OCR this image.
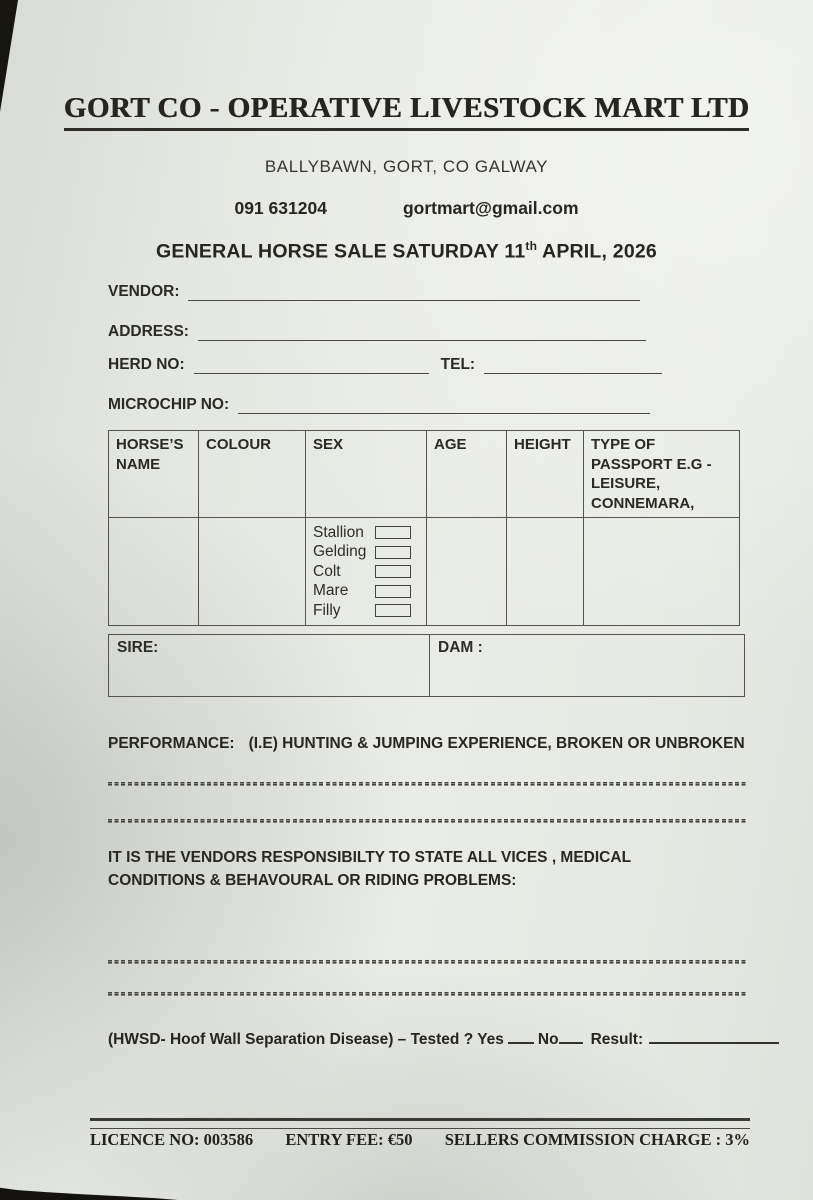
GORT CO - OPERATIVE LIVESTOCK MART LTD
BALLYBAWN, GORT, CO GALWAY
091 631204	gortmart@gmail.com
GENERAL HORSE SALE SATURDAY 11th APRIL, 2026
VENDOR:
ADDRESS:
HERD NO:	TEL:
MICROCHIP NO:
HORSE’S NAME	COLOUR	SEX	AGE	HEIGHT	TYPE OF PASSPORT E.G - LEISURE, CONNEMARA,

		Stallion
Gelding
Colt
Mare
Filly			

SIRE:	DAM :
PERFORMANCE: (I.E) HUNTING & JUMPING EXPERIENCE, BROKEN OR UNBROKEN
IT IS THE VENDORS RESPONSIBILTY TO STATE ALL VICES , MEDICAL CONDITIONS & BEHAVOURAL OR RIDING PROBLEMS:
(HWSD- Hoof Wall Separation Disease) – Tested ? Yes No Result:
LICENCE NO: 003586 ENTRY FEE: €50 SELLERS COMMISSION CHARGE : 3%
